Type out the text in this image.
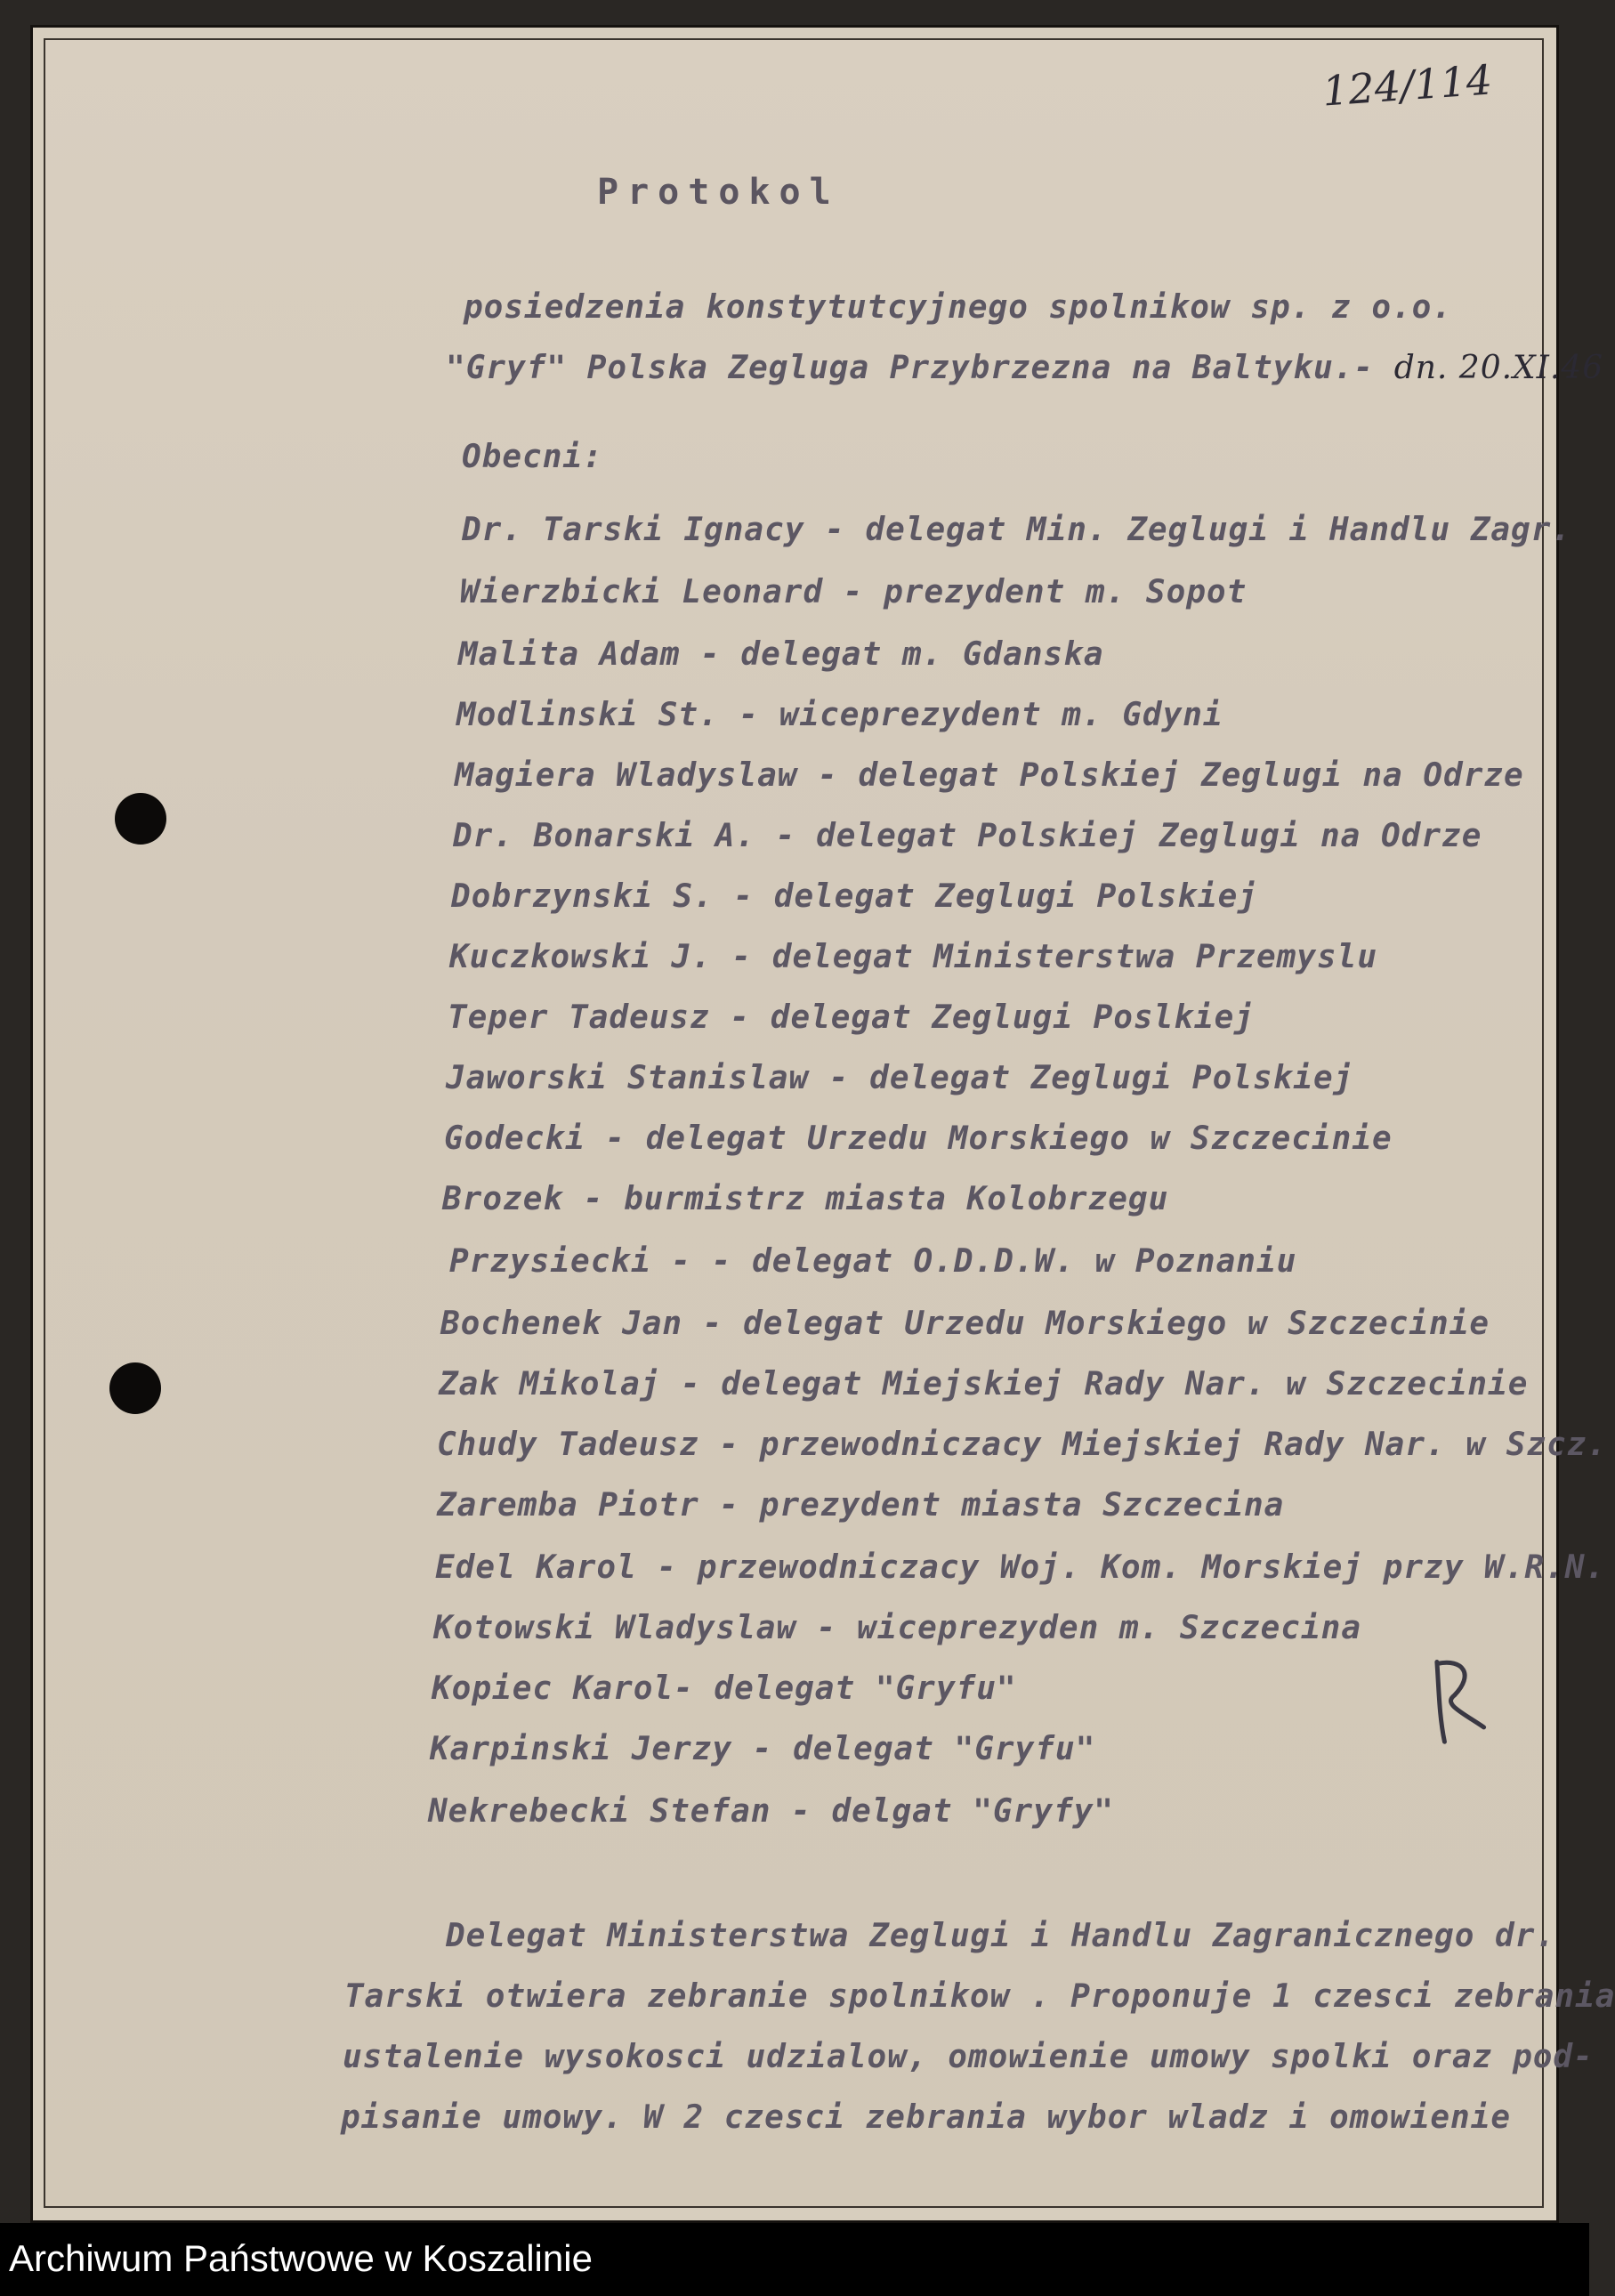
124/114
Protokol
posiedzenia konstytutcyjnego spolnikow sp. z o.o.
"Gryf" Polska Zegluga Przybrzezna na Baltyku.- dn. 20.XI.46
Obecni:
Dr. Tarski Ignacy - delegat Min. Zeglugi i Handlu Zagr.
Wierzbicki Leonard - prezydent m. Sopot
Malita Adam - delegat m. Gdanska
Modlinski St. - wiceprezydent m. Gdyni
Magiera Wladyslaw - delegat Polskiej Zeglugi na Odrze
Dr. Bonarski A. - delegat Polskiej Zeglugi na Odrze
Dobrzynski S. - delegat Zeglugi Polskiej
Kuczkowski J. - delegat Ministerstwa Przemyslu
Teper Tadeusz - delegat Zeglugi Poslkiej
Jaworski Stanislaw - delegat Zeglugi Polskiej
Godecki - delegat Urzedu Morskiego w Szczecinie
Brozek - burmistrz miasta Kolobrzegu
Przysiecki - - delegat O.D.D.W. w Poznaniu
Bochenek Jan - delegat Urzedu Morskiego w Szczecinie
Zak Mikolaj - delegat Miejskiej Rady Nar. w Szczecinie
Chudy Tadeusz - przewodniczacy Miejskiej Rady Nar. w Szcz.
Zaremba Piotr - prezydent miasta Szczecina
Edel Karol - przewodniczacy Woj. Kom. Morskiej przy W.R.N.
Kotowski Wladyslaw - wiceprezyden m. Szczecina
Kopiec Karol- delegat "Gryfu"
Karpinski Jerzy - delegat "Gryfu"
Nekrebecki Stefan - delgat "Gryfy"
Delegat Ministerstwa Zeglugi i Handlu Zagranicznego dr.
Tarski otwiera zebranie spolnikow . Proponuje 1 czesci zebrania
ustalenie wysokosci udzialow, omowienie umowy spolki oraz pod-
pisanie umowy. W 2 czesci zebrania wybor wladz i omowienie
Archiwum Państwowe w Koszalinie
